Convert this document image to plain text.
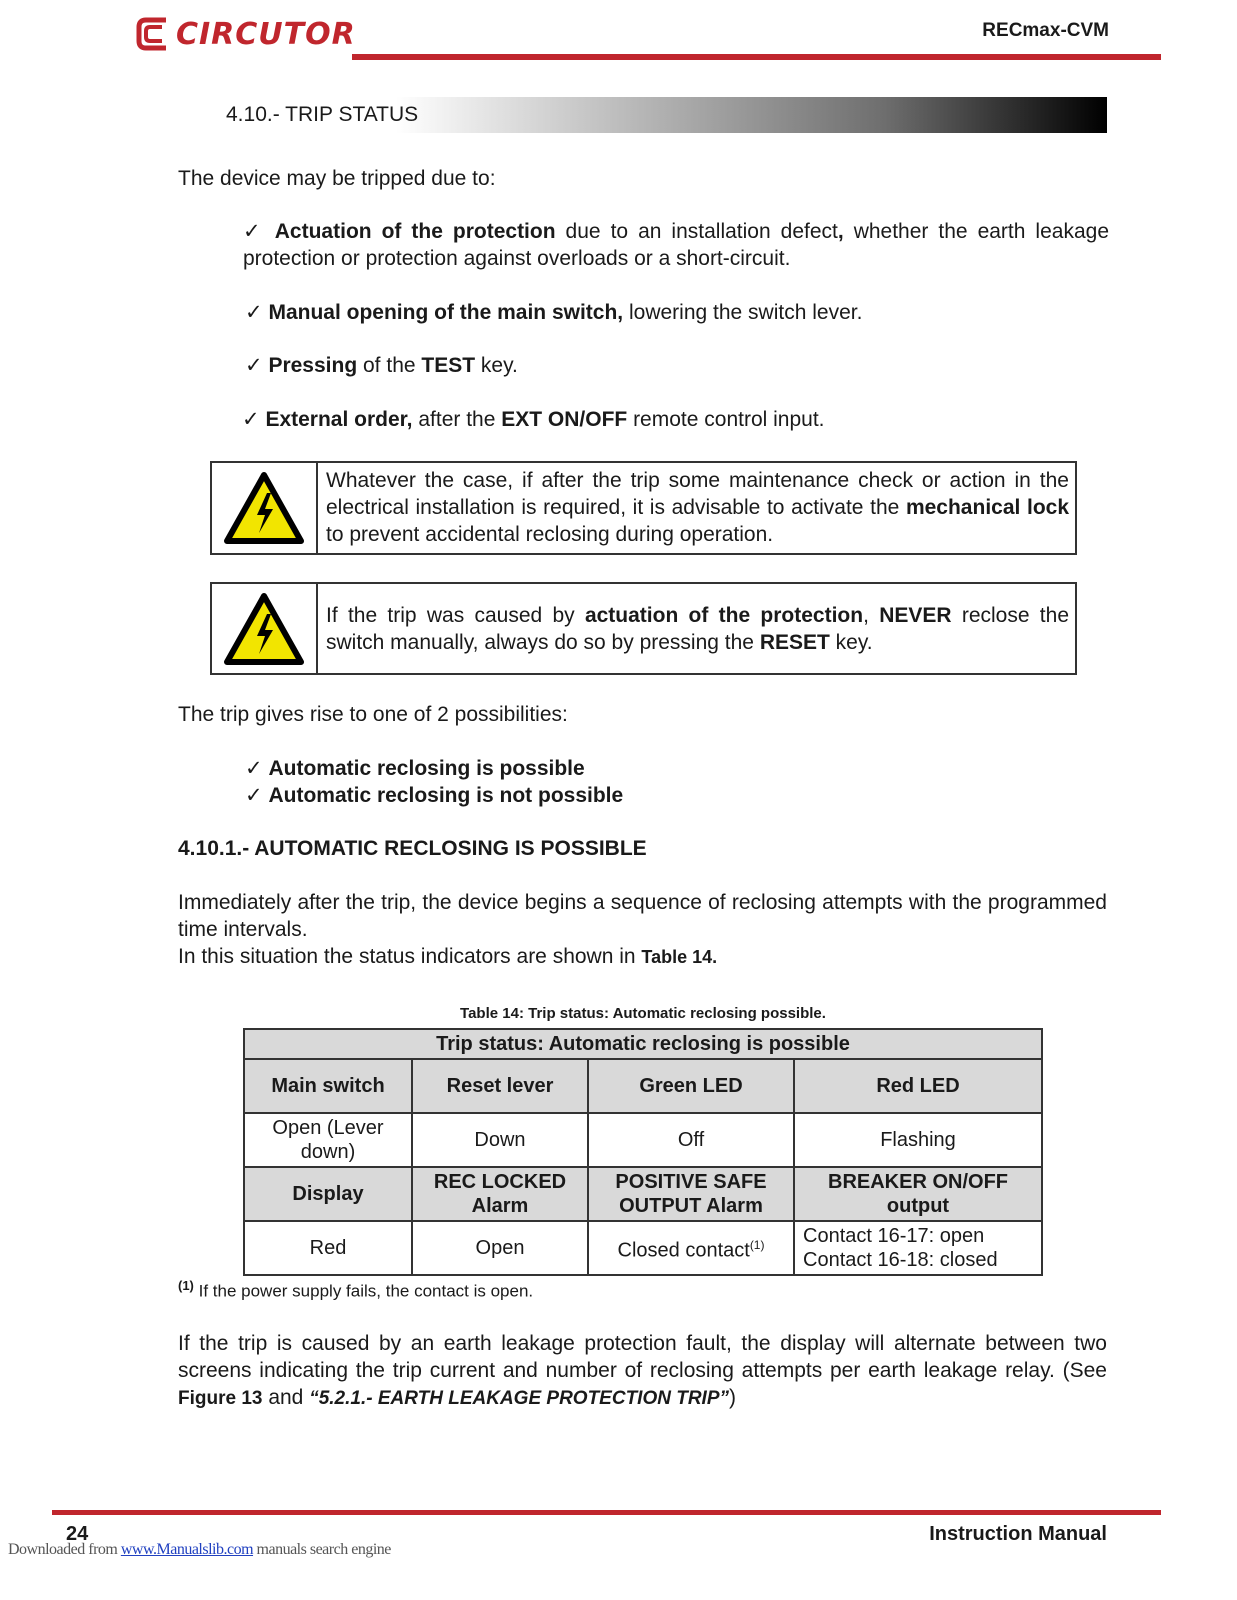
CIRCUTOR	RECmax-CVM
4.10.- TRIP STATUS
The device may be tripped due to:
✓ Actuation of the protection due to an installation defect, whether the earth leakage protection or protection against overloads or a short-circuit.
✓ Manual opening of the main switch, lowering the switch lever.
✓ Pressing of the TEST key.
✓ External order, after the EXT ON/OFF remote control input.
Whatever the case, if after the trip some maintenance check or action in the electrical installation is required, it is advisable to activate the mechanical lock to prevent accidental reclosing during operation.
If the trip was caused by actuation of the protection, NEVER reclose the switch manually, always do so by pressing the RESET key.
The trip gives rise to one of 2 possibilities:
✓ Automatic reclosing is possible
✓ Automatic reclosing is not possible
4.10.1.- AUTOMATIC RECLOSING IS POSSIBLE
Immediately after the trip, the device begins a sequence of reclosing attempts with the programmed time intervals.
In this situation the status indicators are shown in Table 14.
Table 14: Trip status: Automatic reclosing possible.
Trip status: Automatic reclosing is possible			
Main switch	Reset lever	Green LED	Red LED
Open (Lever down)	Down	Off	Flashing
Display	REC LOCKED Alarm	POSITIVE SAFE OUTPUT Alarm	BREAKER ON/OFF output
Red	Open	Closed contact$^{(1)}$	Contact 16-17: open
Contact 16-18: closed
$^{(1)}$ If the power supply fails, the contact is open.
If the trip is caused by an earth leakage protection fault, the display will alternate between two screens indicating the trip current and number of reclosing attempts per earth leakage relay. (See Figure 13 and “5.2.1.- EARTH LEAKAGE PROTECTION TRIP”)
24	Instruction Manual
Downloaded from www.Manualslib.com manuals search engine
